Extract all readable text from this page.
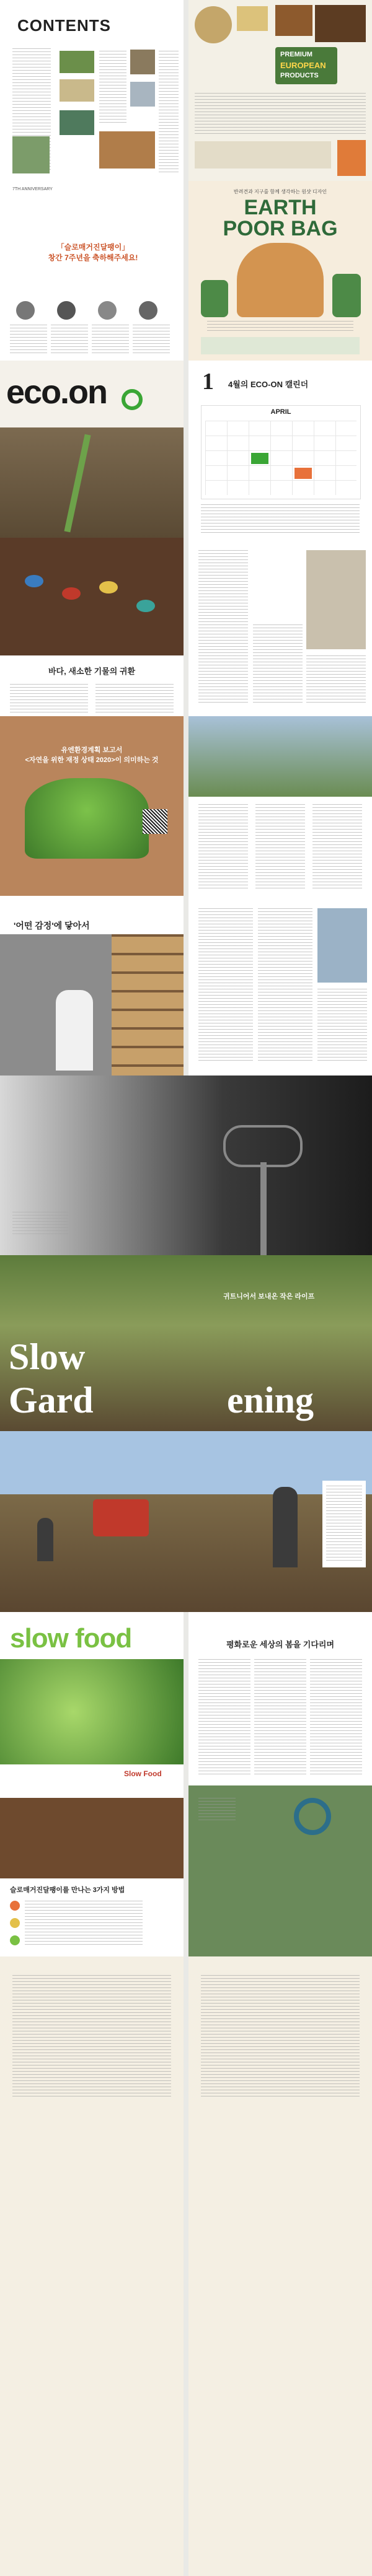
CONTENTS
PREMIUM
EUROPEAN
PRODUCTS
7TH ANNIVERSARY
「슬로매거진달팽이」
창간 7주년을 축하해주세요!
반려견과 지구를 함께 생각하는 원샷 디자인
EARTH
POOR BAG
eco.on	1 4월의 ECO-ON 캘린더
APRIL
바다, 새소한 기물의 귀환
유엔환경계획 보고서
<자연을 위한 재정 상태 2020>이 의미하는 것
'어떤 감정'에 닿아서
귀트니어서 보내온 작은 라이프
Slow
Gard	ening
slow food
Slow Food
평화로운 세상의 봄을 기다리며
슬로매거진달팽이를 만나는 3가지 방법
